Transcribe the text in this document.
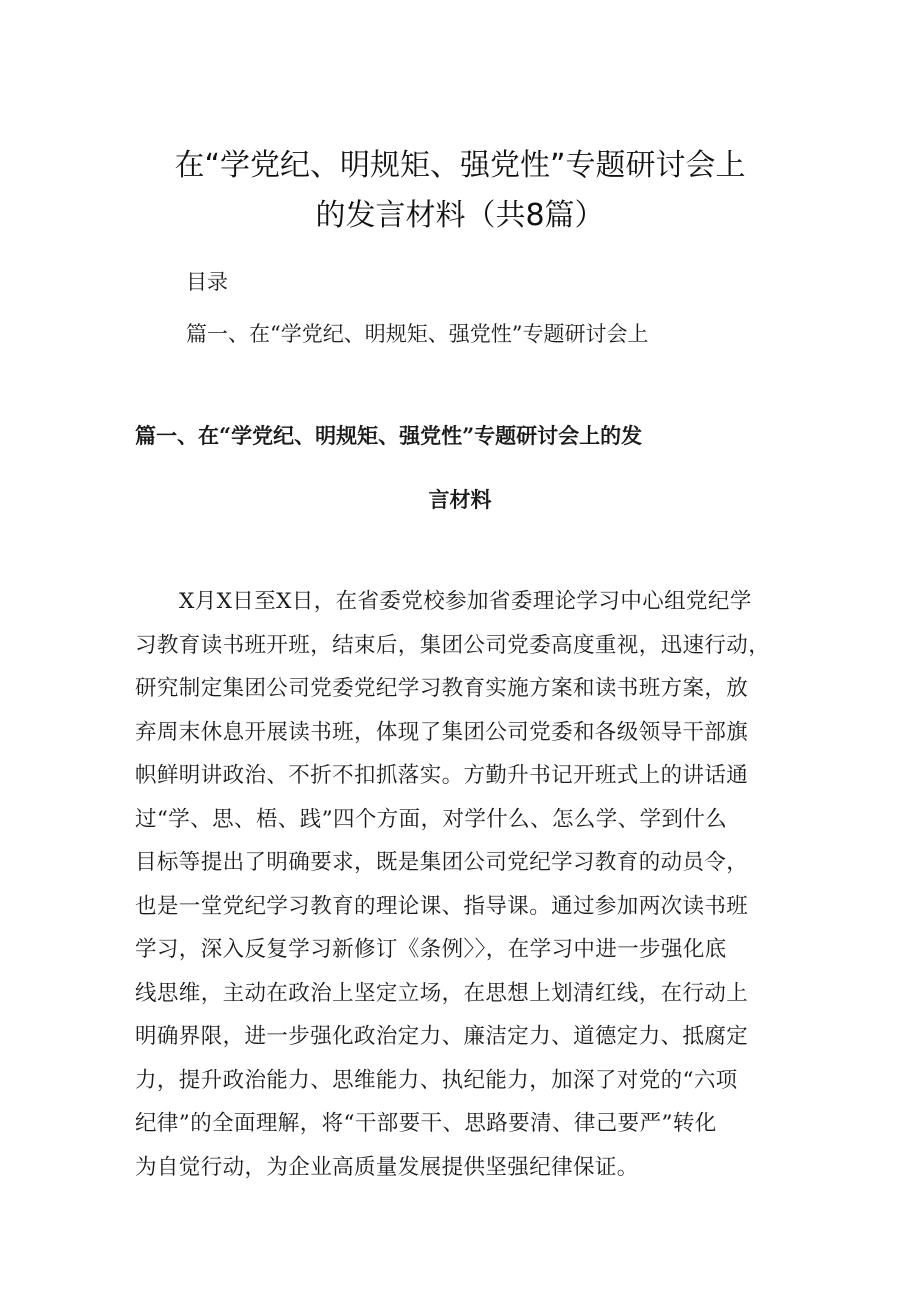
在“学党纪、明规矩、强党性”专题研讨会上
的发言材料（共8篇）

目录

篇一、在“学党纪、明规矩、强党性”专题研讨会上

篇一、在“学党纪、明规矩、强党性”专题研讨会上的发
言材料
X月X日至X日，在省委党校参加省委理论学习中心组党纪学
习教育读书班开班，结束后，集团公司党委高度重视，迅速行动，
研究制定集团公司党委党纪学习教育实施方案和读书班方案，放
弃周末休息开展读书班，体现了集团公司党委和各级领导干部旗
帜鲜明讲政治、不折不扣抓落实。方勤升书记开班式上的讲话通
过“学、思、梧、践”四个方面，对学什么、怎么学、学到什么
目标等提出了明确要求，既是集团公司党纪学习教育的动员令，
也是一堂党纪学习教育的理论课、指导课。通过参加两次读书班
学习，深入反复学习新修订《条例〉〉，在学习中进一步强化底
线思维，主动在政治上坚定立场，在思想上划清红线，在行动上
明确界限，进一步强化政治定力、廉洁定力、道德定力、抵腐定
力，提升政治能力、思维能力、执纪能力，加深了对党的“六项
纪律”的全面理解，将“干部要干、思路要清、律己要严”转化
为自觉行动，为企业高质量发展提供坚强纪律保证。
